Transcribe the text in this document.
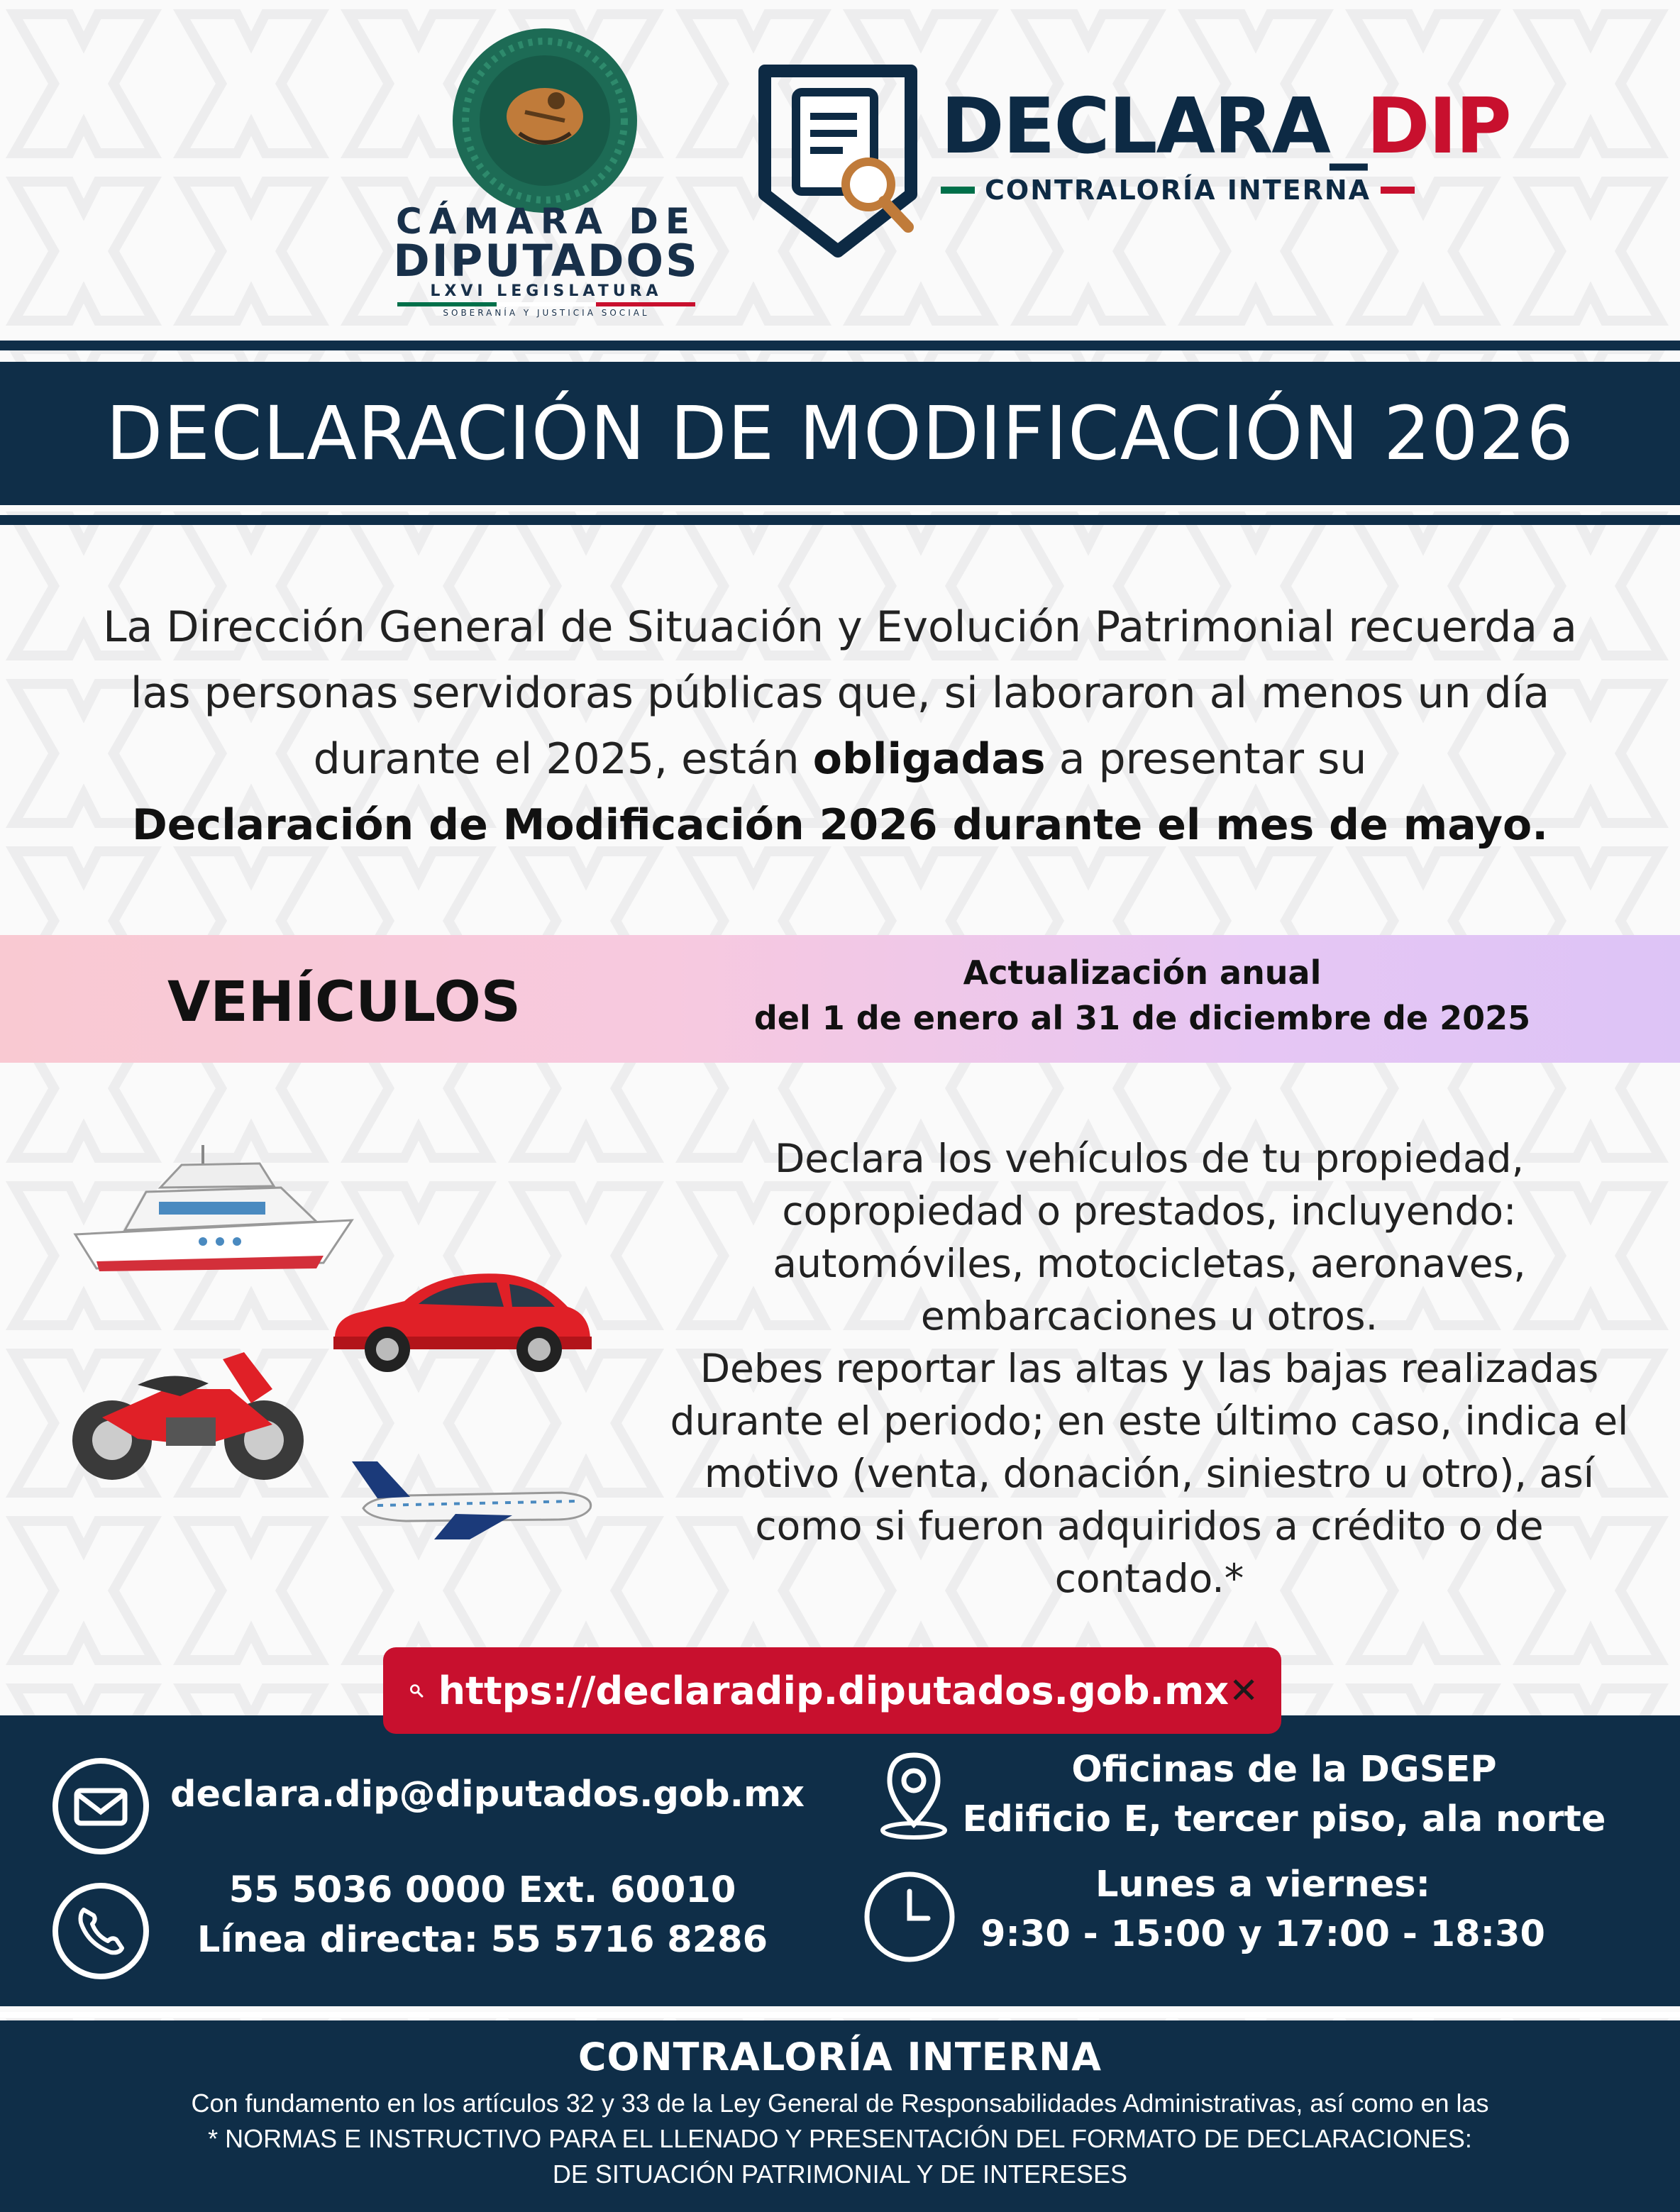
CÁMARA DE
DIPUTADOS
LXVI LEGISLATURA
SOBERANÍA Y JUSTICIA SOCIAL
DECLARA_DIP
CONTRALORÍA INTERNA
DECLARACIÓN DE MODIFICACIÓN 2026
La Dirección General de Situación y Evolución Patrimonial recuerda a
las personas servidoras públicas que, si laboraron al menos un día
durante el 2025, están obligadas a presentar su
Declaración de Modificación 2026 durante el mes de mayo.
VEHÍCULOS	Actualización anual
del 1 de enero al 31 de diciembre de 2025
Declara los vehículos de tu propiedad,
copropiedad o prestados, incluyendo:
automóviles, motocicletas, aeronaves,
embarcaciones u otros.
Debes reportar las altas y las bajas realizadas
durante el periodo; en este último caso, indica el
motivo (venta, donación, siniestro u otro), así
como si fueron adquiridos a crédito o de
contado.*
https://declaradip.diputados.gob.mx ✕
declara.dip@diputados.gob.mx
Oficinas de la DGSEP
Edificio E, tercer piso, ala norte
55 5036 0000 Ext. 60010
Línea directa: 55 5716 8286
Lunes a viernes:
9:30 - 15:00 y 17:00 - 18:30
CONTRALORÍA INTERNA
Con fundamento en los artículos 32 y 33 de la Ley General de Responsabilidades Administrativas, así como en las
* NORMAS E INSTRUCTIVO PARA EL LLENADO Y PRESENTACIÓN DEL FORMATO DE DECLARACIONES:
DE SITUACIÓN PATRIMONIAL Y DE INTERESES
